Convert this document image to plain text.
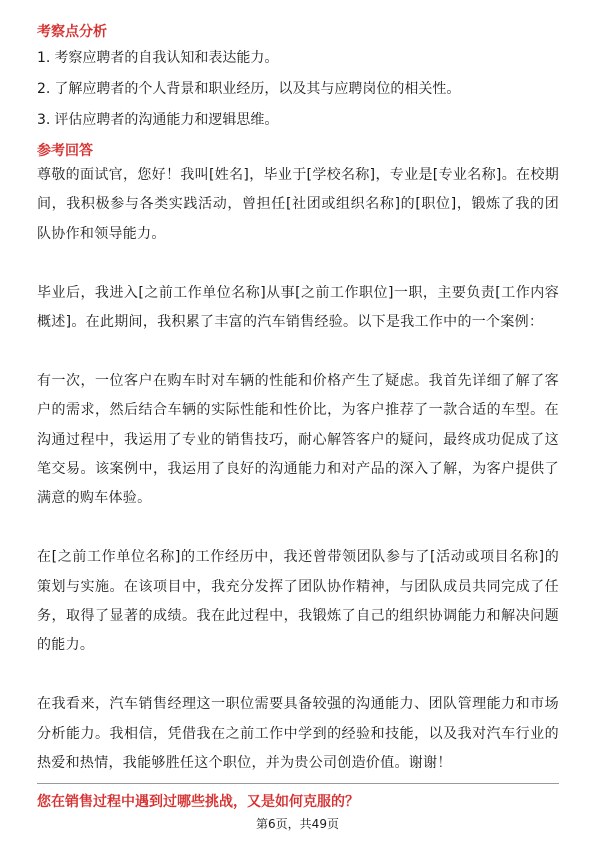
考察点分析
1. 考察应聘者的自我认知和表达能力。
2. 了解应聘者的个人背景和职业经历，以及其与应聘岗位的相关性。
3. 评估应聘者的沟通能力和逻辑思维。
参考回答

尊敬的面试官，您好！我叫[姓名]，毕业于[学校名称]，专业是[专业名称]。在校期间，我积极参与各类实践活动，曾担任[社团或组织名称]的[职位]，锻炼了我的团队协作和领导能力。

毕业后，我进入[之前工作单位名称]从事[之前工作职位]一职，主要负责[工作内容概述]。在此期间，我积累了丰富的汽车销售经验。以下是我工作中的一个案例：

有一次，一位客户在购车时对车辆的性能和价格产生了疑虑。我首先详细了解了客户的需求，然后结合车辆的实际性能和性价比，为客户推荐了一款合适的车型。在沟通过程中，我运用了专业的销售技巧，耐心解答客户的疑问，最终成功促成了这笔交易。该案例中，我运用了良好的沟通能力和对产品的深入了解，为客户提供了满意的购车体验。

在[之前工作单位名称]的工作经历中，我还曾带领团队参与了[活动或项目名称]的策划与实施。在该项目中，我充分发挥了团队协作精神，与团队成员共同完成了任务，取得了显著的成绩。我在此过程中，我锻炼了自己的组织协调能力和解决问题的能力。

在我看来，汽车销售经理这一职位需要具备较强的沟通能力、团队管理能力和市场分析能力。我相信，凭借我在之前工作中学到的经验和技能，以及我对汽车行业的热爱和热情，我能够胜任这个职位，并为贵公司创造价值。谢谢！

您在销售过程中遇到过哪些挑战，又是如何克服的？
第6页，共49页
